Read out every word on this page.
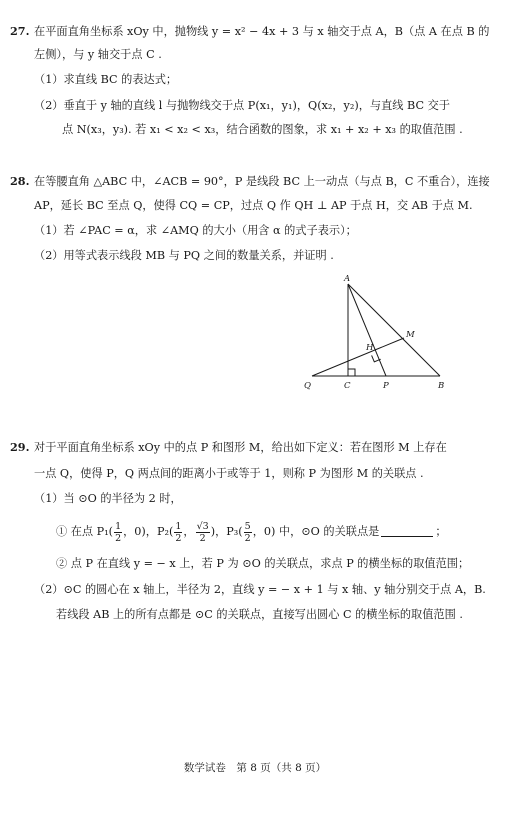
27. 在平面直角坐标系 xOy 中，抛物线 y = x² − 4x + 3 与 x 轴交于点 A，B（点 A 在点 B 的
左侧），与 y 轴交于点 C .
（1）求直线 BC 的表达式；
（2）垂直于 y 轴的直线 l 与抛物线交于点 P(x₁，y₁)，Q(x₂，y₂)，与直线 BC 交于
点 N(x₃，y₃). 若 x₁ < x₂ < x₃，结合函数的图象，求 x₁ + x₂ + x₃ 的取值范围 .
28. 在等腰直角 △ABC 中，∠ACB = 90°，P 是线段 BC 上一动点（与点 B，C 不重合），连接
AP，延长 BC 至点 Q，使得 CQ = CP，过点 Q 作 QH ⊥ AP 于点 H，交 AB 于点 M.
（1）若 ∠PAC = α，求 ∠AMQ 的大小（用含 α 的式子表示）；
（2）用等式表示线段 MB 与 PQ 之间的数量关系，并证明 .
A
M
H
Q	C	P	B
29. 对于平面直角坐标系 xOy 中的点 P 和图形 M，给出如下定义：若在图形 M 上存在
一点 Q，使得 P，Q 两点间的距离小于或等于 1，则称 P 为图形 M 的关联点 .
（1）当 ⊙O 的半径为 2 时，
① 在点 $P_1( \frac{1}{2}$ ，0)，$P_2( \frac{1}{2}$ ， $\frac{√3}{2}$ )，$P_3( \frac{5}{2}$ ，0) 中，⊙O 的关联点是	；
② 点 P 在直线 y = − x 上，若 P 为 ⊙O 的关联点，求点 P 的横坐标的取值范围；
（2）⊙C 的圆心在 x 轴上，半径为 2，直线 y = − x + 1 与 x 轴、y 轴分别交于点 A，B.
若线段 AB 上的所有点都是 ⊙C 的关联点，直接写出圆心 C 的横坐标的取值范围 .
数学试卷　第 8 页（共 8 页）
